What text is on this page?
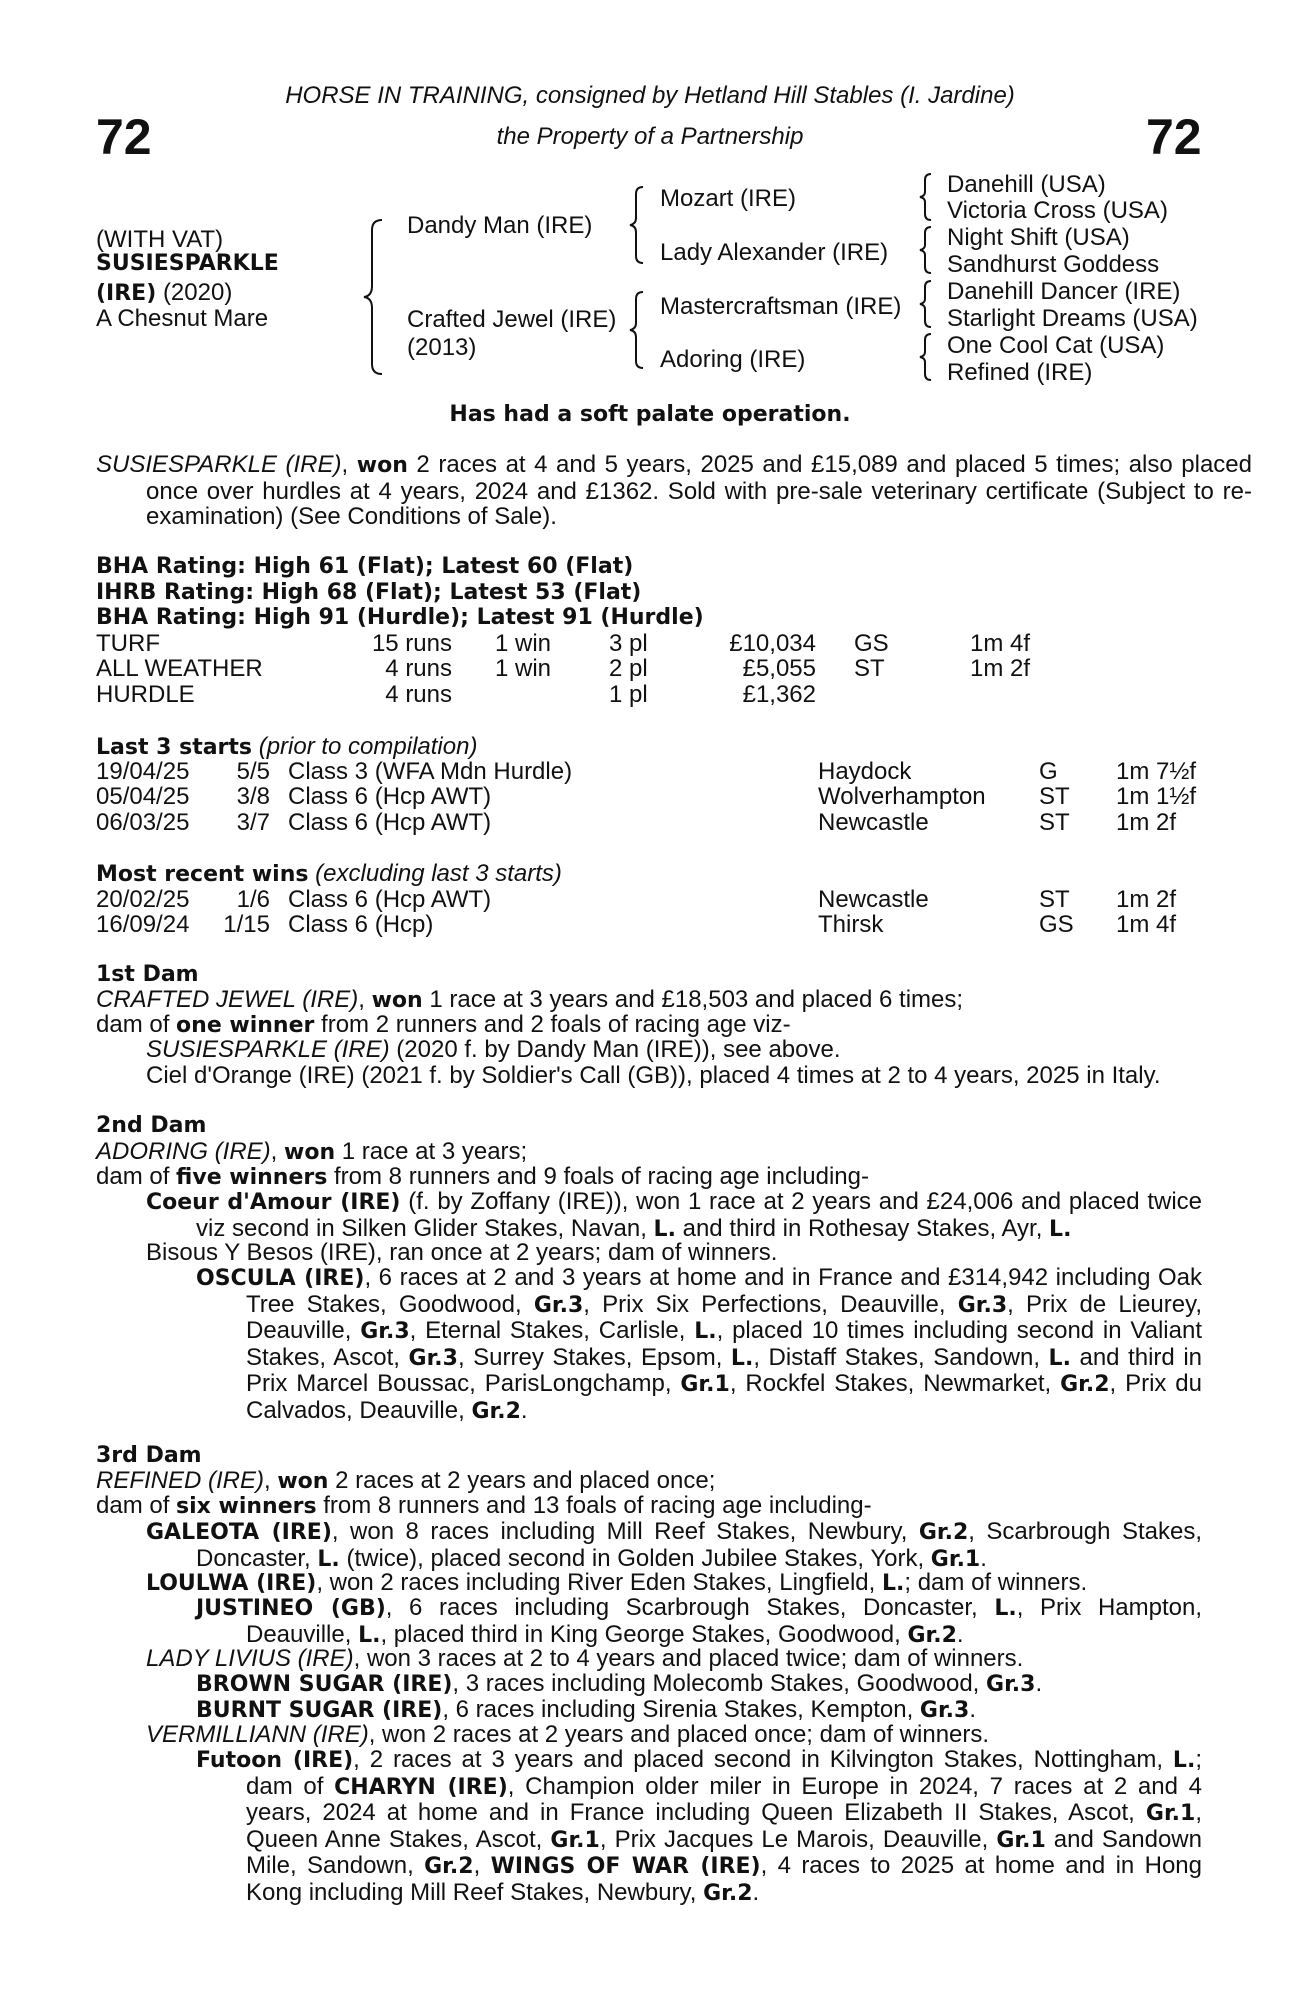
72	72
HORSE IN TRAINING, consigned by Hetland Hill Stables (I. Jardine)
the Property of a Partnership
(WITH VAT)
SUSIESPARKLE
(IRE) (2020)
A Chesnut Mare
Dandy Man (IRE)
Crafted Jewel (IRE)
(2013)
Mozart (IRE)
Lady Alexander (IRE)
Mastercraftsman (IRE)
Adoring (IRE)
Danehill (USA)
Victoria Cross (USA)
Night Shift (USA)
Sandhurst Goddess
Danehill Dancer (IRE)
Starlight Dreams (USA)
One Cool Cat (USA)
Refined (IRE)
Has had a soft palate operation.
SUSIESPARKLE (IRE), won 2 races at 4 and 5 years, 2025 and £15,089 and placed 5 times; also placed once over hurdles at 4 years, 2024 and £1362. Sold with pre-sale veterinary certificate (Subject to re-examination) (See Conditions of Sale).
BHA Rating: High 61 (Flat); Latest 60 (Flat)
IHRB Rating: High 68 (Flat); Latest 53 (Flat)
BHA Rating: High 91 (Hurdle); Latest 91 (Hurdle)
TURF	15 runs 1 win 3 pl	£10,034 GS	1m 4f
ALL WEATHER	4 runs 1 win 2 pl	£5,055 ST	1m 2f
HURDLE	4 runs	1 pl	£1,362
Last 3 starts (prior to compilation)
19/04/25	5/5 Class 3 (WFA Mdn Hurdle)	Haydock	G 1m 7½f
05/04/25	3/8 Class 6 (Hcp AWT)	Wolverhampton ST 1m 1½f
06/03/25	3/7 Class 6 (Hcp AWT)	Newcastle	ST 1m 2f
Most recent wins (excluding last 3 starts)
20/02/25	1/6 Class 6 (Hcp AWT)	Newcastle	ST 1m 2f
16/09/24	1/15 Class 6 (Hcp)	Thirsk	GS 1m 4f
1st Dam
CRAFTED JEWEL (IRE), won 1 race at 3 years and £18,503 and placed 6 times;
dam of one winner from 2 runners and 2 foals of racing age viz-
SUSIESPARKLE (IRE) (2020 f. by Dandy Man (IRE)), see above.
Ciel d'Orange (IRE) (2021 f. by Soldier's Call (GB)), placed 4 times at 2 to 4 years, 2025 in Italy.
2nd Dam
ADORING (IRE), won 1 race at 3 years;
dam of five winners from 8 runners and 9 foals of racing age including-
Coeur d'Amour (IRE) (f. by Zoffany (IRE)), won 1 race at 2 years and £24,006 and placed twice viz second in Silken Glider Stakes, Navan, L. and third in Rothesay Stakes, Ayr, L.
Bisous Y Besos (IRE), ran once at 2 years; dam of winners.
OSCULA (IRE), 6 races at 2 and 3 years at home and in France and £314,942 including Oak Tree Stakes, Goodwood, Gr.3, Prix Six Perfections, Deauville, Gr.3, Prix de Lieurey, Deauville, Gr.3, Eternal Stakes, Carlisle, L., placed 10 times including second in Valiant Stakes, Ascot, Gr.3, Surrey Stakes, Epsom, L., Distaff Stakes, Sandown, L. and third in Prix Marcel Boussac, ParisLongchamp, Gr.1, Rockfel Stakes, Newmarket, Gr.2, Prix du Calvados, Deauville, Gr.2.
3rd Dam
REFINED (IRE), won 2 races at 2 years and placed once;
dam of six winners from 8 runners and 13 foals of racing age including-
GALEOTA (IRE), won 8 races including Mill Reef Stakes, Newbury, Gr.2, Scarbrough Stakes, Doncaster, L. (twice), placed second in Golden Jubilee Stakes, York, Gr.1.
LOULWA (IRE), won 2 races including River Eden Stakes, Lingfield, L.; dam of winners.
JUSTINEO (GB), 6 races including Scarbrough Stakes, Doncaster, L., Prix Hampton, Deauville, L., placed third in King George Stakes, Goodwood, Gr.2.
LADY LIVIUS (IRE), won 3 races at 2 to 4 years and placed twice; dam of winners.
BROWN SUGAR (IRE), 3 races including Molecomb Stakes, Goodwood, Gr.3.
BURNT SUGAR (IRE), 6 races including Sirenia Stakes, Kempton, Gr.3.
VERMILLIANN (IRE), won 2 races at 2 years and placed once; dam of winners.
Futoon (IRE), 2 races at 3 years and placed second in Kilvington Stakes, Nottingham, L.; dam of CHARYN (IRE), Champion older miler in Europe in 2024, 7 races at 2 and 4 years, 2024 at home and in France including Queen Elizabeth II Stakes, Ascot, Gr.1, Queen Anne Stakes, Ascot, Gr.1, Prix Jacques Le Marois, Deauville, Gr.1 and Sandown Mile, Sandown, Gr.2, WINGS OF WAR (IRE), 4 races to 2025 at home and in Hong Kong including Mill Reef Stakes, Newbury, Gr.2.
